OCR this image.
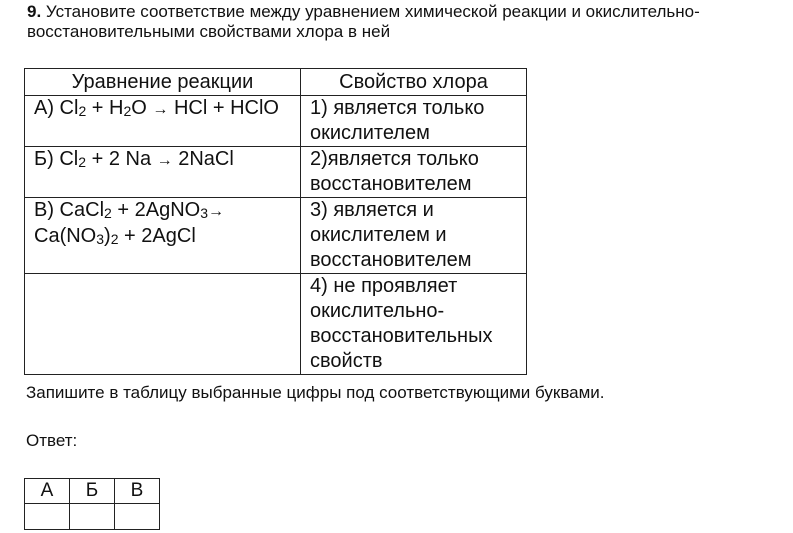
9. Установите соответствие между уравнением химической реакции и окислительно-восстановительными свойствами хлора в ней
Уравнение реакции	Свойство хлора
А) $Cl_2 + H_2O$ → HCl + HClO	1) является только окислителем
Б) $Cl_2 + 2$ Na → 2NaCl	2)является только восстановителем
В) CaCl$_2$ + 2AgNO$_3$→
$Ca(NO_3)_2$ + 2AgCl	3) является и окислителем и восстановителем
	4) не проявляет окислительно-восстановительных свойств
Запишите в таблицу выбранные цифры под соответствующими буквами.
Ответ:
А	Б	В
